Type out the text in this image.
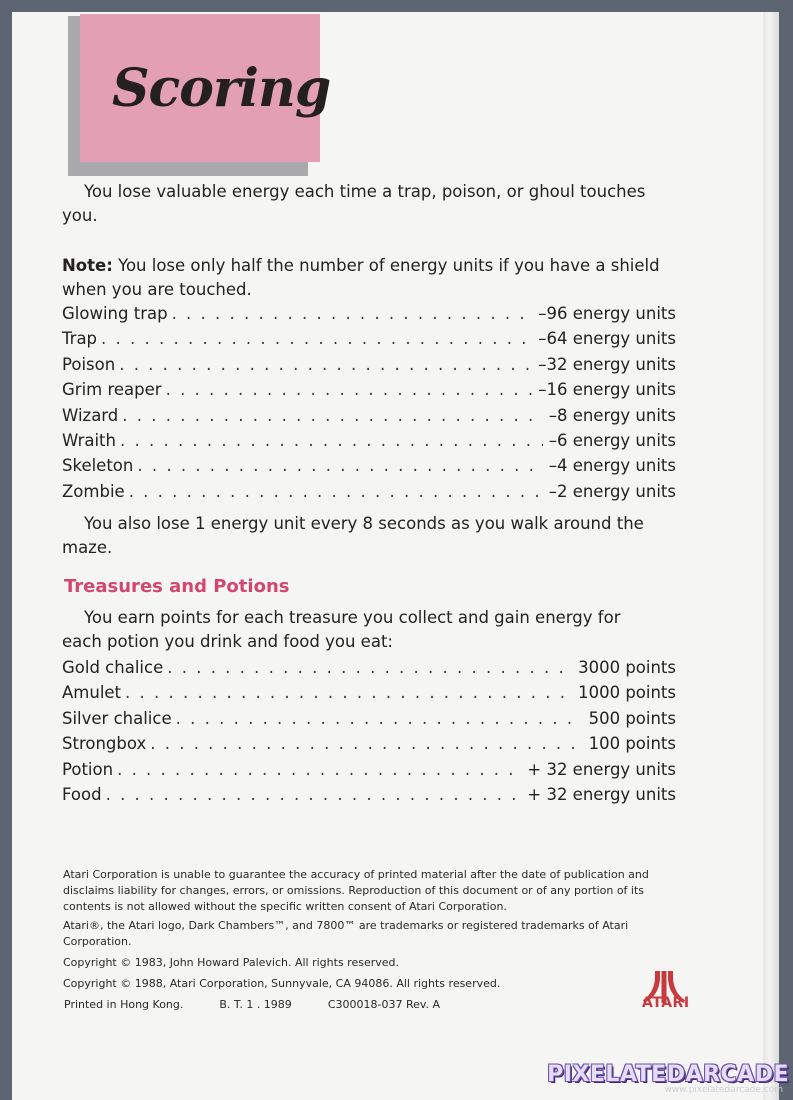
Scoring

You lose valuable energy each time a trap, poison, or ghoul touches you.

Note: You lose only half the number of energy units if you have a shield when you are touched.

Glowing trap . . .	–96 energy units
Trap . . .	–64 energy units
Poison . . .	–32 energy units
Grim reaper . . .	–16 energy units
Wizard . . .	–8 energy units
Wraith . . .	–6 energy units
Skeleton . . .	–4 energy units
Zombie . . .	–2 energy units

You also lose 1 energy unit every 8 seconds as you walk around the maze.

Treasures and Potions

You earn points for each treasure you collect and gain energy for each potion you drink and food you eat:

Gold chalice . . .	3000 points
Amulet . . .	1000 points
Silver chalice . . .	500 points
Strongbox . . .	100 points
Potion . . .	+ 32 energy units
Food . . .	+ 32 energy units

Atari Corporation is unable to guarantee the accuracy of printed material after the date of publication and disclaims liability for changes, errors, or omissions. Reproduction of this document or of any portion of its contents is not allowed without the specific written consent of Atari Corporation.

Atari®, the Atari logo, Dark Chambers™, and 7800™ are trademarks or registered trademarks of Atari Corporation.

Copyright © 1983, John Howard Palevich. All rights reserved.

Copyright © 1988, Atari Corporation, Sunnyvale, CA 94086. All rights reserved.

Printed in Hong Kong.	B. T. 1 . 1989	C300018-037 Rev. A	ATARI

PIXELATEDARCADE

www.pixelatedarcade.com
